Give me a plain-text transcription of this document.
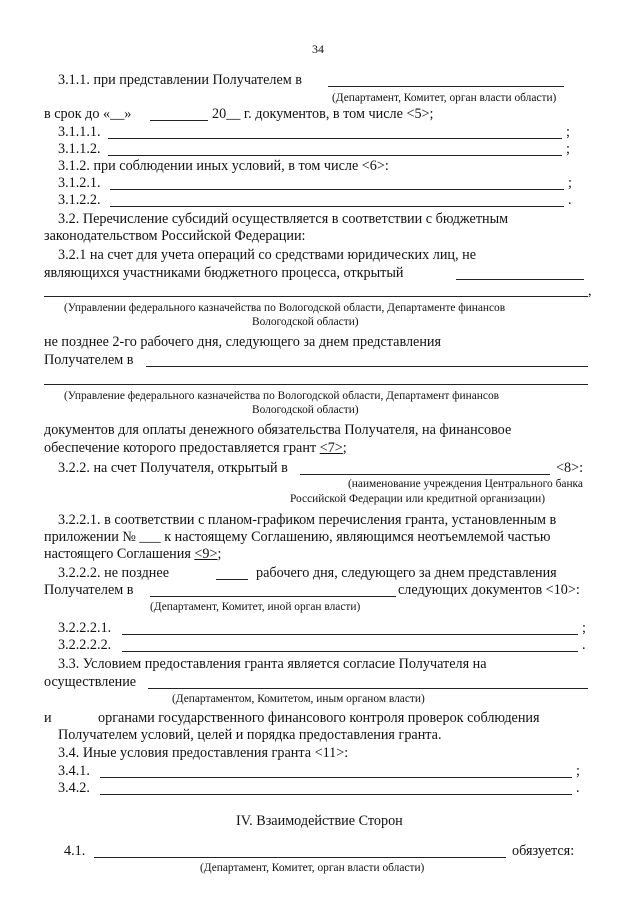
34
3.1.1. при представлении Получателем в
(Департамент, Комитет, орган власти области)
в срок до «__»	20__ г. документов, в том числе <5>;
3.1.1.1.	;
3.1.1.2.	;
3.1.2. при соблюдении иных условий, в том числе <6>:
3.1.2.1.	;
3.1.2.2.	.
3.2. Перечисление субсидий осуществляется в соответствии с бюджетным
законодательством Российской Федерации:
3.2.1 на счет для учета операций со средствами юридических лиц, не
являющихся участниками бюджетного процесса, открытый
,
(Управлении федерального казначейства по Вологодской области, Департаменте финансов
Вологодской области)
не позднее 2-го рабочего дня, следующего за днем представления
Получателем в
(Управление федерального казначейства по Вологодской области, Департамент финансов
Вологодской области)
документов для оплаты денежного обязательства Получателя, на финансовое
обеспечение которого предоставляется грант <7>;
3.2.2. на счет Получателя, открытый в	<8>:
(наименование учреждения Центрального банка
Российской Федерации или кредитной организации)
3.2.2.1. в соответствии с планом-графиком перечисления гранта, установленным в
приложении № ___ к настоящему Соглашению, являющимся неотъемлемой частью
настоящего Соглашения <9>;
3.2.2.2. не позднее	рабочего дня, следующего за днем представления
Получателем в	следующих документов <10>:
(Департамент, Комитет, иной орган власти)
3.2.2.2.1.	;
3.2.2.2.2.	.
3.3. Условием предоставления гранта является согласие Получателя на
осуществление
(Департаментом, Комитетом, иным органом власти)
и	органами государственного финансового контроля проверок соблюдения
Получателем условий, целей и порядка предоставления гранта.
3.4. Иные условия предоставления гранта <11>:
3.4.1.	;
3.4.2.	.
IV. Взаимодействие Сторон
4.1.	обязуется:
(Департамент, Комитет, орган власти области)
